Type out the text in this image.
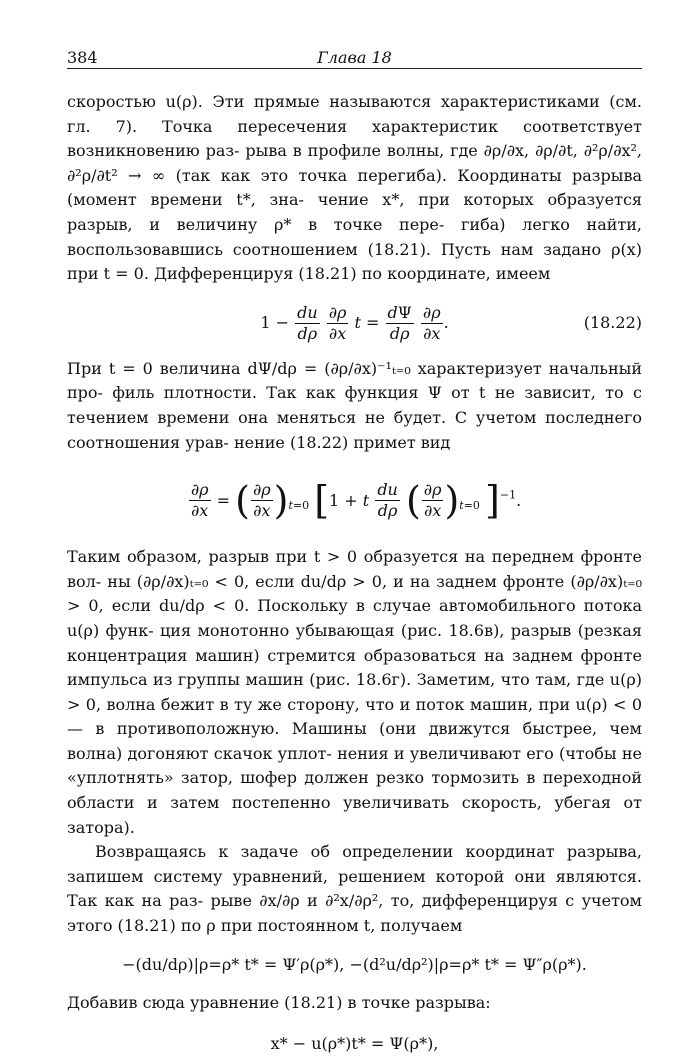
384	Глава 18

скоростью u(ρ). Эти прямые называются характеристиками (см. гл. 7). Точка пересечения характеристик соответствует возникновению раз- рыва в профиле волны, где ∂ρ/∂x, ∂ρ/∂t, ∂²ρ/∂x², ∂²ρ/∂t² → ∞ (так как это точка перегиба). Координаты разрыва (момент времени t*, зна- чение x*, при которых образуется разрыв, и величину ρ* в точке пере- гиба) легко найти, воспользовавшись соотношением (18.21). Пусть нам задано ρ(x) при t = 0. Дифференцируя (18.21) по координате, имеем

$1 - \frac{du}{d\rho}$
$\frac{\partial\rho}{\partial x}$ $t = \frac{d\Psi}{d\rho}$
$\frac{\partial\rho}{\partial x}$ .	(18.22)

При t = 0 величина dΨ/dρ = (∂ρ/∂x)⁻¹ₜ₌₀ характеризует начальный про- филь плотности. Так как функция Ψ от t не зависит, то с течением времени она меняться не будет. С учетом последнего соотношения урав- нение (18.22) примет вид

$\frac{\partial\rho}{\partial x}$ = ( $\frac{\partial\rho}{\partial x} )_{t=0}$ [1 + t $\frac{du}{d\rho}$ ( $\frac{\partial\rho}{\partial x} )_{t=0}$ ]$^{-1}$.

Таким образом, разрыв при t > 0 образуется на переднем фронте вол- ны (∂ρ/∂x)ₜ₌₀ < 0, если du/dρ > 0, и на заднем фронте (∂ρ/∂x)ₜ₌₀ > 0, если du/dρ < 0. Поскольку в случае автомобильного потока u(ρ) функ- ция монотонно убывающая (рис. 18.6в), разрыв (резкая концентрация машин) стремится образоваться на заднем фронте импульса из группы машин (рис. 18.6г). Заметим, что там, где u(ρ) > 0, волна бежит в ту же сторону, что и поток машин, при u(ρ) < 0 — в противоположную. Машины (они движутся быстрее, чем волна) догоняют скачок уплот- нения и увеличивают его (чтобы не «уплотнять» затор, шофер должен резко тормозить в переходной области и затем постепенно увеличивать скорость, убегая от затора).

Возвращаясь к задаче об определении координат разрыва, запишем систему уравнений, решением которой они являются. Так как на раз- рыве ∂x/∂ρ и ∂²x/∂ρ², то, дифференцируя с учетом этого (18.21) по ρ при постоянном t, получаем

−(du/dρ)|ρ=ρ* t* = Ψ′ρ(ρ*), −(d²u/dρ²)|ρ=ρ* t* = Ψ″ρ(ρ*).

Добавив сюда уравнение (18.21) в точке разрыва:

x* − u(ρ*)t* = Ψ(ρ*),
